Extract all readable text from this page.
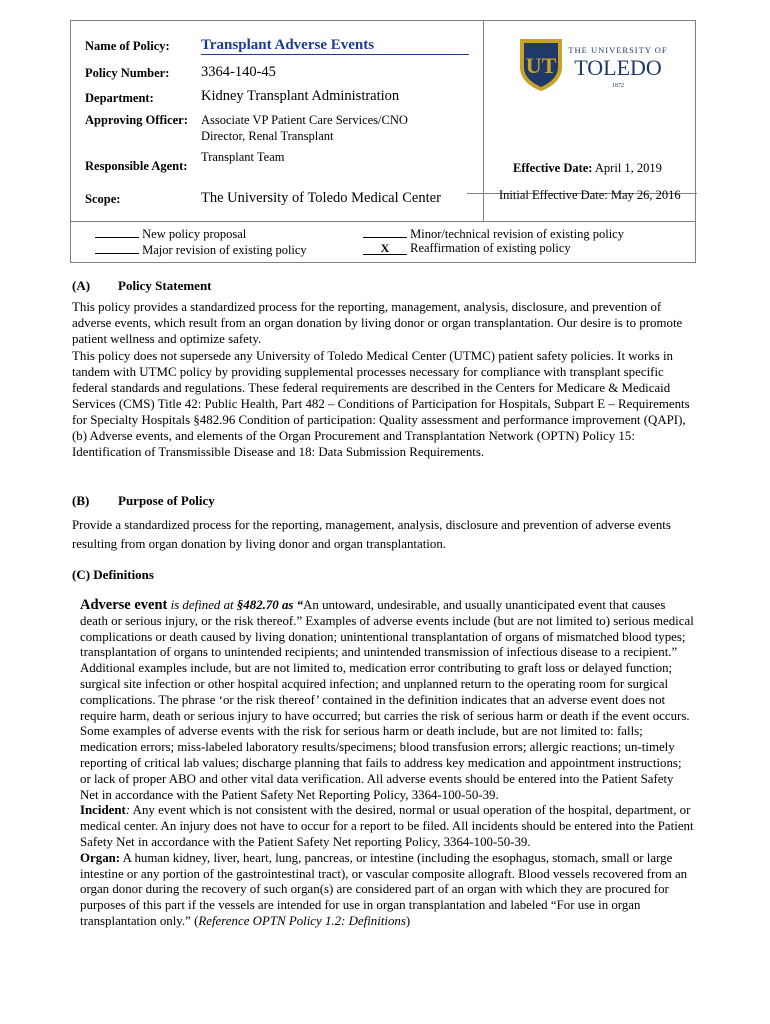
Name of Policy: Transplant Adverse Events
Policy Number: 3364-140-45
Department:	Kidney Transplant Administration
Approving Officer: Associate VP Patient Care Services/CNO
Director, Renal Transplant
Transplant Team
Responsible Agent:
Scope:	The University of Toledo Medical Center
UT
THE UNIVERSITY OF
TOLEDO
1872
Effective Date: April 1, 2019
Initial Effective Date: May 26, 2016
New policy proposal
Major revision of existing policy
Minor/technical revision of existing policy
X Reaffirmation of existing policy
(A) Policy Statement

This policy provides a standardized process for the reporting, management, analysis, disclosure, and prevention of adverse events, which result from an organ donation by living donor or organ transplantation. Our desire is to promote patient wellness and optimize safety.

This policy does not supersede any University of Toledo Medical Center (UTMC) patient safety policies. It works in tandem with UTMC policy by providing supplemental processes necessary for compliance with transplant specific federal standards and regulations. These federal requirements are described in the Centers for Medicare & Medicaid Services (CMS) Title 42: Public Health, Part 482 – Conditions of Participation for Hospitals, Subpart E – Requirements for Specialty Hospitals §482.96 Condition of participation: Quality assessment and performance improvement (QAPI), (b) Adverse events, and elements of the Organ Procurement and Transplantation Network (OPTN) Policy 15: Identification of Transmissible Disease and 18: Data Submission Requirements.

(B) Purpose of Policy

Provide a standardized process for the reporting, management, analysis, disclosure and prevention of adverse events resulting from organ donation by living donor and organ transplantation.

(C) Definitions

Adverse event is defined at §482.70 as “An untoward, undesirable, and usually unanticipated event that causes death or serious injury, or the risk thereof.” Examples of adverse events include (but are not limited to) serious medical complications or death caused by living donation; unintentional transplantation of organs of mismatched blood types; transplantation of organs to unintended recipients; and unintended transmission of infectious disease to a recipient.” Additional examples include, but are not limited to, medication error contributing to graft loss or delayed function; surgical site infection or other hospital acquired infection; and unplanned return to the operating room for surgical complications. The phrase ‘or the risk thereof’ contained in the definition indicates that an adverse event does not require harm, death or serious injury to have occurred; but carries the risk of serious harm or death if the event occurs. Some examples of adverse events with the risk for serious harm or death include, but are not limited to: falls; medication errors; miss-labeled laboratory results/specimens; blood transfusion errors; allergic reactions; un-timely reporting of critical lab values; discharge planning that fails to address key medication and appointment instructions; or lack of proper ABO and other vital data verification. All adverse events should be entered into the Patient Safety Net in accordance with the Patient Safety Net Reporting Policy, 3364-100-50-39.
Incident: Any event which is not consistent with the desired, normal or usual operation of the hospital, department, or medical center. An injury does not have to occur for a report to be filed. All incidents should be entered into the Patient Safety Net in accordance with the Patient Safety Net reporting Policy, 3364-100-50-39.
Organ: A human kidney, liver, heart, lung, pancreas, or intestine (including the esophagus, stomach, small or large intestine or any portion of the gastrointestinal tract), or vascular composite allograft. Blood vessels recovered from an organ donor during the recovery of such organ(s) are considered part of an organ with which they are procured for purposes of this part if the vessels are intended for use in organ transplantation and labeled “For use in organ transplantation only.” (Reference OPTN Policy 1.2: Definitions)
